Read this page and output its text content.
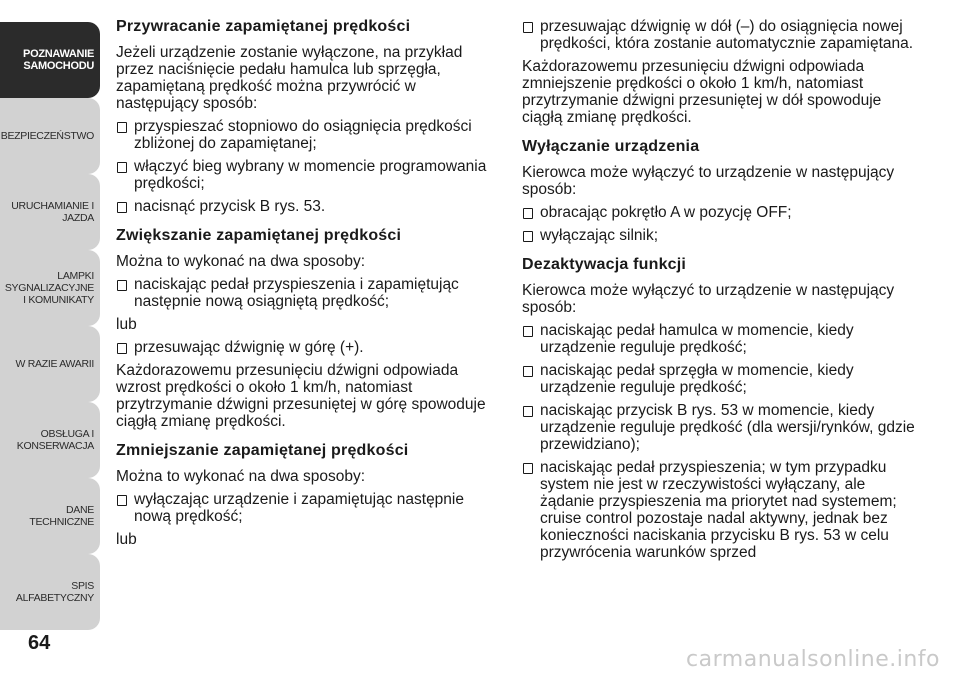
POZNAWANIE SAMOCHODU
BEZPIECZEŃSTWO
URUCHAMIANIE I JAZDA
LAMPKI SYGNALIZACYJNE I KOMUNIKATY
W RAZIE AWARII
OBSŁUGA I KONSERWACJA
DANE TECHNICZNE
SPIS ALFABETYCZNY
64
Przywracanie zapamiętanej prędkości

Jeżeli urządzenie zostanie wyłączone, na przykład przez naciśnięcie pedału hamulca lub sprzęgła, zapamiętaną prędkość można przywrócić w następujący sposób:

przyspieszać stopniowo do osiągnięcia prędkości zbliżonej do zapamiętanej;
włączyć bieg wybrany w momencie programowania prędkości;
nacisnąć przycisk B rys. 53.
Zwiększanie zapamiętanej prędkości

Można to wykonać na dwa sposoby:

naciskając pedał przyspieszenia i zapamiętując następnie nową osiągniętą prędkość;

lub

przesuwając dźwignię w górę (+).

Każdorazowemu przesunięciu dźwigni odpowiada wzrost prędkości o około 1 km/h, natomiast przytrzymanie dźwigni przesuniętej w górę spowoduje ciągłą zmianę prędkości.

Zmniejszanie zapamiętanej prędkości

Można to wykonać na dwa sposoby:

wyłączając urządzenie i zapamiętując następnie nową prędkość;

lub

przesuwając dźwignię w dół (–) do osiągnięcia nowej prędkości, która zostanie automatycznie zapamiętana.

Każdorazowemu przesunięciu dźwigni odpowiada zmniejszenie prędkości o około 1 km/h, natomiast przytrzymanie dźwigni przesuniętej w dół spowoduje ciągłą zmianę prędkości.

Wyłączanie urządzenia

Kierowca może wyłączyć to urządzenie w następujący sposób:

obracając pokrętło A w pozycję OFF;
wyłączając silnik;
Dezaktywacja funkcji

Kierowca może wyłączyć to urządzenie w następujący sposób:

naciskając pedał hamulca w momencie, kiedy urządzenie reguluje prędkość;
naciskając pedał sprzęgła w momencie, kiedy urządzenie reguluje prędkość;
naciskając przycisk B rys. 53 w momencie, kiedy urządzenie reguluje prędkość (dla wersji/rynków, gdzie przewidziano);
naciskając pedał przyspieszenia; w tym przypadku system nie jest w rzeczywistości wyłączany, ale żądanie przyspieszenia ma priorytet nad systemem; cruise control pozostaje nadal aktywny, jednak bez konieczności naciskania przycisku B rys. 53 w celu przywrócenia warunków sprzed
carmanualsonline.info
